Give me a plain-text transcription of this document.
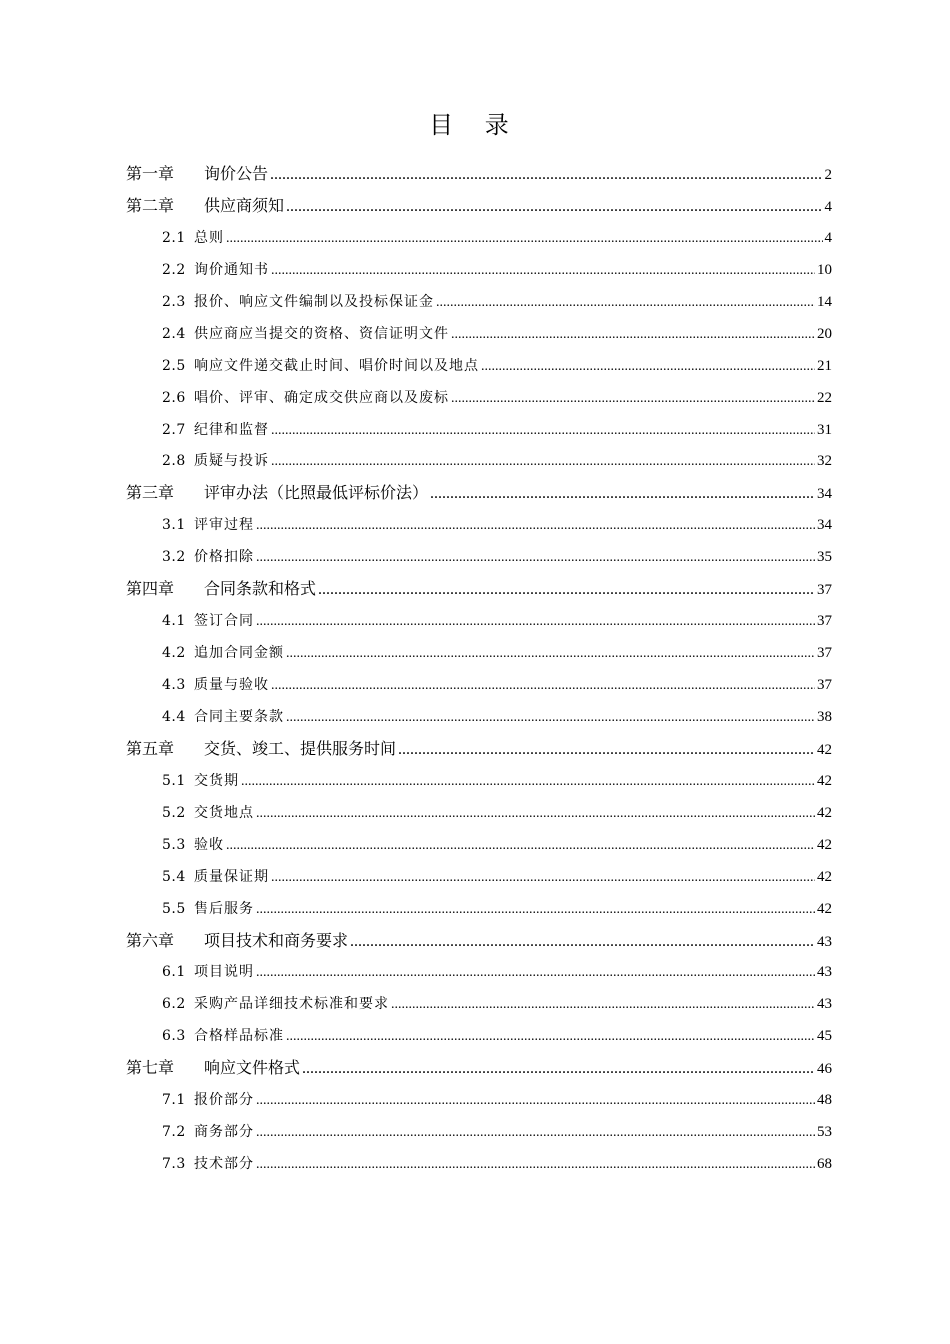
目 录
第一章	询价公告 .....	2
第二章	供应商须知 .....	4
2.1 总则 .....	4
2.2 询价通知书 .....	10
2.3 报价、响应文件编制以及投标保证金 .....	14
2.4 供应商应当提交的资格、资信证明文件 .....	20
2.5 响应文件递交截止时间、唱价时间以及地点 .....	21
2.6 唱价、评审、确定成交供应商以及废标 .....	22
2.7 纪律和监督 .....	31
2.8 质疑与投诉 .....	32
第三章	评审办法（比照最低评标价法） .....	34
3.1 评审过程 .....	34
3.2 价格扣除 .....	35
第四章	合同条款和格式 .....	37
4.1 签订合同 .....	37
4.2 追加合同金额 .....	37
4.3 质量与验收 .....	37
4.4 合同主要条款 .....	38
第五章	交货、竣工、提供服务时间 .....	42
5.1 交货期 .....	42
5.2 交货地点 .....	42
5.3 验收 .....	42
5.4 质量保证期 .....	42
5.5 售后服务 .....	42
第六章	项目技术和商务要求 .....	43
6.1 项目说明 .....	43
6.2 采购产品详细技术标准和要求 .....	43
6.3 合格样品标准 .....	45
第七章	响应文件格式 .....	46
7.1 报价部分 .....	48
7.2 商务部分 .....	53
7.3 技术部分 .....	68
